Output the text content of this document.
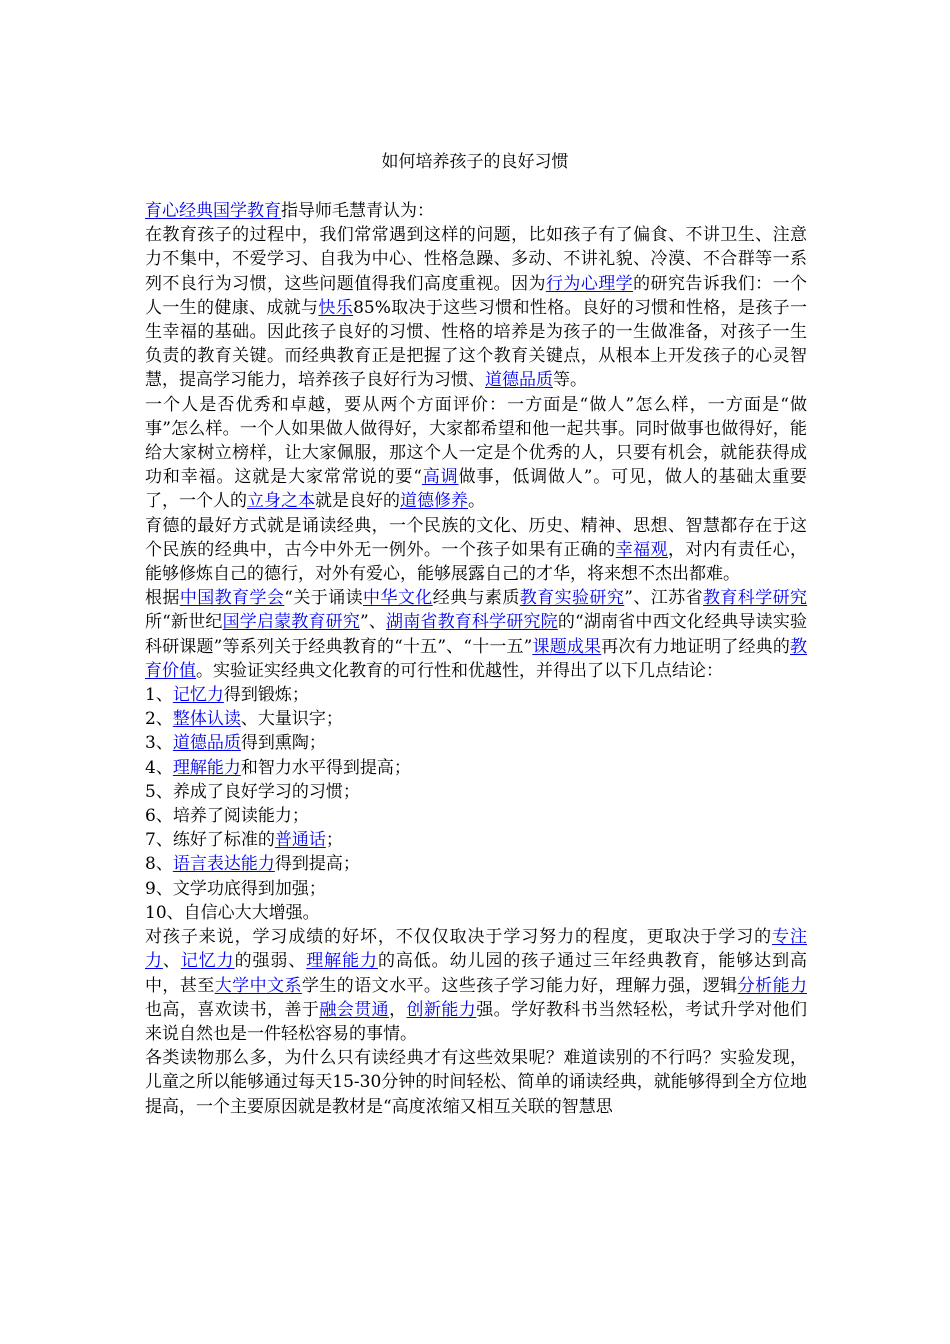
如何培养孩子的良好习惯

育心经典国学教育指导师毛慧青认为：

在教育孩子的过程中，我们常常遇到这样的问题，比如孩子有了偏食、不讲卫生、注意力不集中，不爱学习、自我为中心、性格急躁、多动、不讲礼貌、冷漠、不合群等一系列不良行为习惯，这些问题值得我们高度重视。因为行为心理学的研究告诉我们：一个人一生的健康、成就与快乐85%取决于这些习惯和性格。良好的习惯和性格，是孩子一生幸福的基础。因此孩子良好的习惯、性格的培养是为孩子的一生做准备，对孩子一生负责的教育关键。而经典教育正是把握了这个教育关键点，从根本上开发孩子的心灵智慧，提高学习能力，培养孩子良好行为习惯、道德品质等。

一个人是否优秀和卓越，要从两个方面评价：一方面是“做人”怎么样，一方面是“做事”怎么样。一个人如果做人做得好，大家都希望和他一起共事。同时做事也做得好，能给大家树立榜样，让大家佩服，那这个人一定是个优秀的人，只要有机会，就能获得成功和幸福。这就是大家常常说的要“高调做事，低调做人”。可见，做人的基础太重要了，一个人的立身之本就是良好的道德修养。

育德的最好方式就是诵读经典，一个民族的文化、历史、精神、思想、智慧都存在于这个民族的经典中，古今中外无一例外。一个孩子如果有正确的幸福观，对内有责任心，能够修炼自己的德行，对外有爱心，能够展露自己的才华，将来想不杰出都难。

根据中国教育学会“关于诵读中华文化经典与素质教育实验研究”、江苏省教育科学研究所“新世纪国学启蒙教育研究”、湖南省教育科学研究院的“湖南省中西文化经典导读实验科研课题”等系列关于经典教育的“十五”、“十一五”课题成果再次有力地证明了经典的教育价值。实验证实经典文化教育的可行性和优越性，并得出了以下几点结论：

1、记忆力得到锻炼；

2、整体认读、大量识字；

3、道德品质得到熏陶；

4、理解能力和智力水平得到提高；

5、养成了良好学习的习惯；

6、培养了阅读能力；

7、练好了标准的普通话；

8、语言表达能力得到提高；

9、文学功底得到加强；

10、自信心大大增强。

对孩子来说，学习成绩的好坏，不仅仅取决于学习努力的程度，更取决于学习的专注力、记忆力的强弱、理解能力的高低。幼儿园的孩子通过三年经典教育，能够达到高中，甚至大学中文系学生的语文水平。这些孩子学习能力好，理解力强，逻辑分析能力也高，喜欢读书，善于融会贯通，创新能力强。学好教科书当然轻松，考试升学对他们来说自然也是一件轻松容易的事情。

各类读物那么多，为什么只有读经典才有这些效果呢？难道读别的不行吗？实验发现，儿童之所以能够通过每天15-30分钟的时间轻松、简单的诵读经典，就能够得到全方位地提高，一个主要原因就是教材是“高度浓缩又相互关联的智慧思
